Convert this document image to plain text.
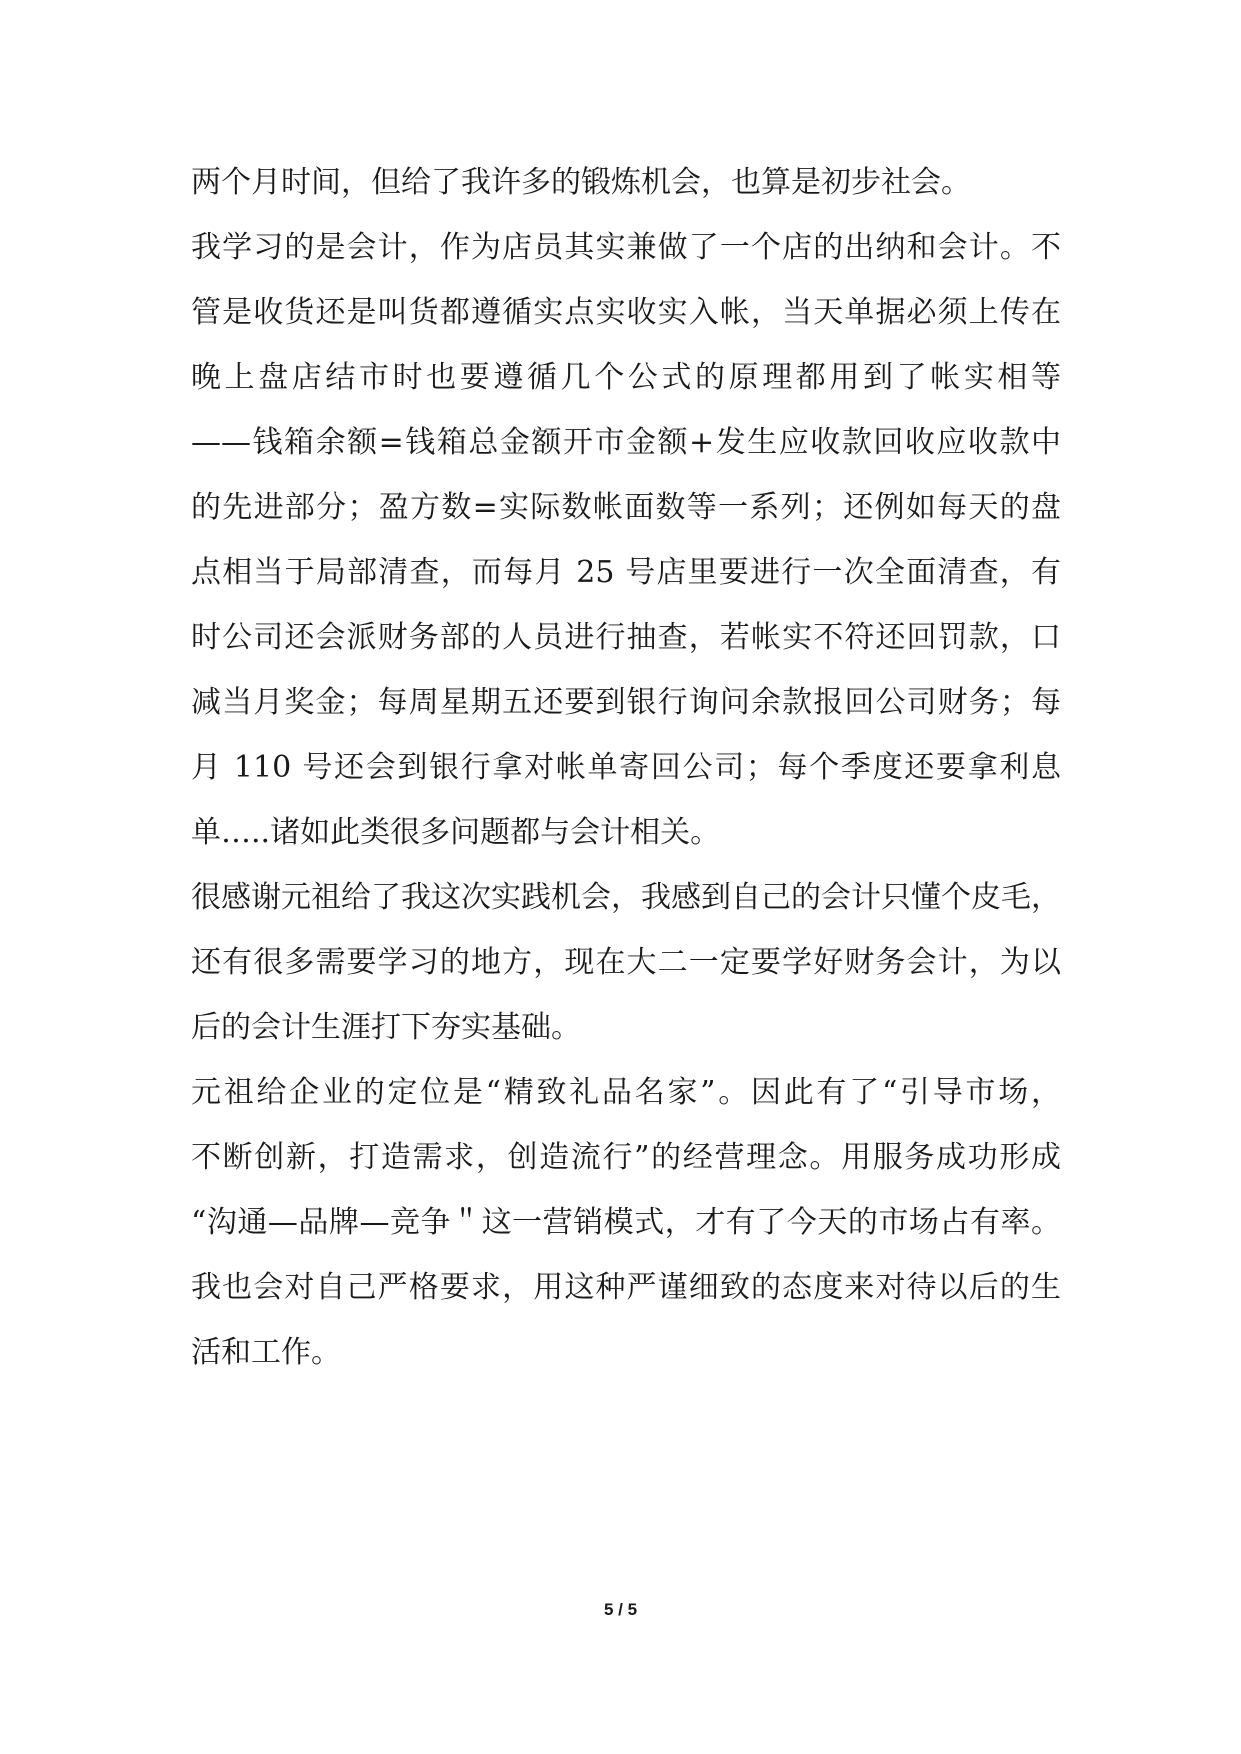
两个月时间，但给了我许多的锻炼机会，也算是初步社会。
我学习的是会计，作为店员其实兼做了一个店的出纳和会计。不
管是收货还是叫货都遵循实点实收实入帐，当天单据必须上传在
晚上盘店结市时也要遵循几个公式的原理都用到了帐实相等
——钱箱余额=钱箱总金额开市金额+发生应收款回收应收款中
的先进部分；盈方数=实际数帐面数等一系列；还例如每天的盘
点相当于局部清查，而每月 25 号店里要进行一次全面清查，有
时公司还会派财务部的人员进行抽查，若帐实不符还回罚款，口
减当月奖金；每周星期五还要到银行询问余款报回公司财务；每
月 110 号还会到银行拿对帐单寄回公司；每个季度还要拿利息
单…..诸如此类很多问题都与会计相关。
很感谢元祖给了我这次实践机会，我感到自己的会计只懂个皮毛，
还有很多需要学习的地方，现在大二一定要学好财务会计，为以
后的会计生涯打下夯实基础。
元祖给企业的定位是“精致礼品名家”。因此有了“引导市场，
不断创新，打造需求，创造流行”的经营理念。用服务成功形成
“沟通—品牌—竞争＂这一营销模式，才有了今天的市场占有率。
我也会对自己严格要求，用这种严谨细致的态度来对待以后的生
活和工作。
5 / 5
